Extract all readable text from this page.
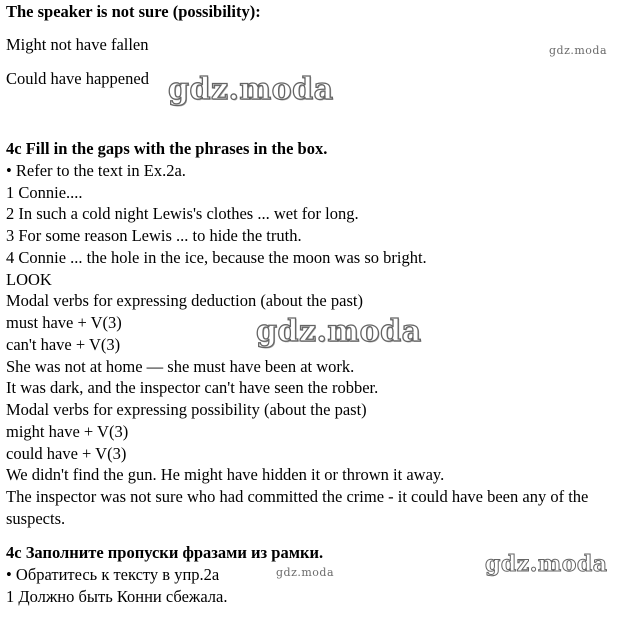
The speaker is not sure (possibility):
Might not have fallen
Could have happened
4c Fill in the gaps with the phrases in the box.
• Refer to the text in Ex.2a.
1 Connie....
2 In such a cold night Lewis's clothes ... wet for long.
3 For some reason Lewis ... to hide the truth.
4 Connie ... the hole in the ice, because the moon was so bright.
LOOK
Modal verbs for expressing deduction (about the past)
must have + V(3)
can't have + V(3)
She was not at home — she must have been at work.
It was dark, and the inspector can't have seen the robber.
Modal verbs for expressing possibility (about the past)
might have + V(3)
could have + V(3)
We didn't find the gun. He might have hidden it or thrown it away.
The inspector was not sure who had committed the crime - it could have been any of the suspects.
4c Заполните пропуски фразами из рамки.
• Обратитесь к тексту в упр.2а
1 Должно быть Конни сбежала.
gdz.moda
gdz.moda
gdz.moda
gdz.moda	gdz.moda
